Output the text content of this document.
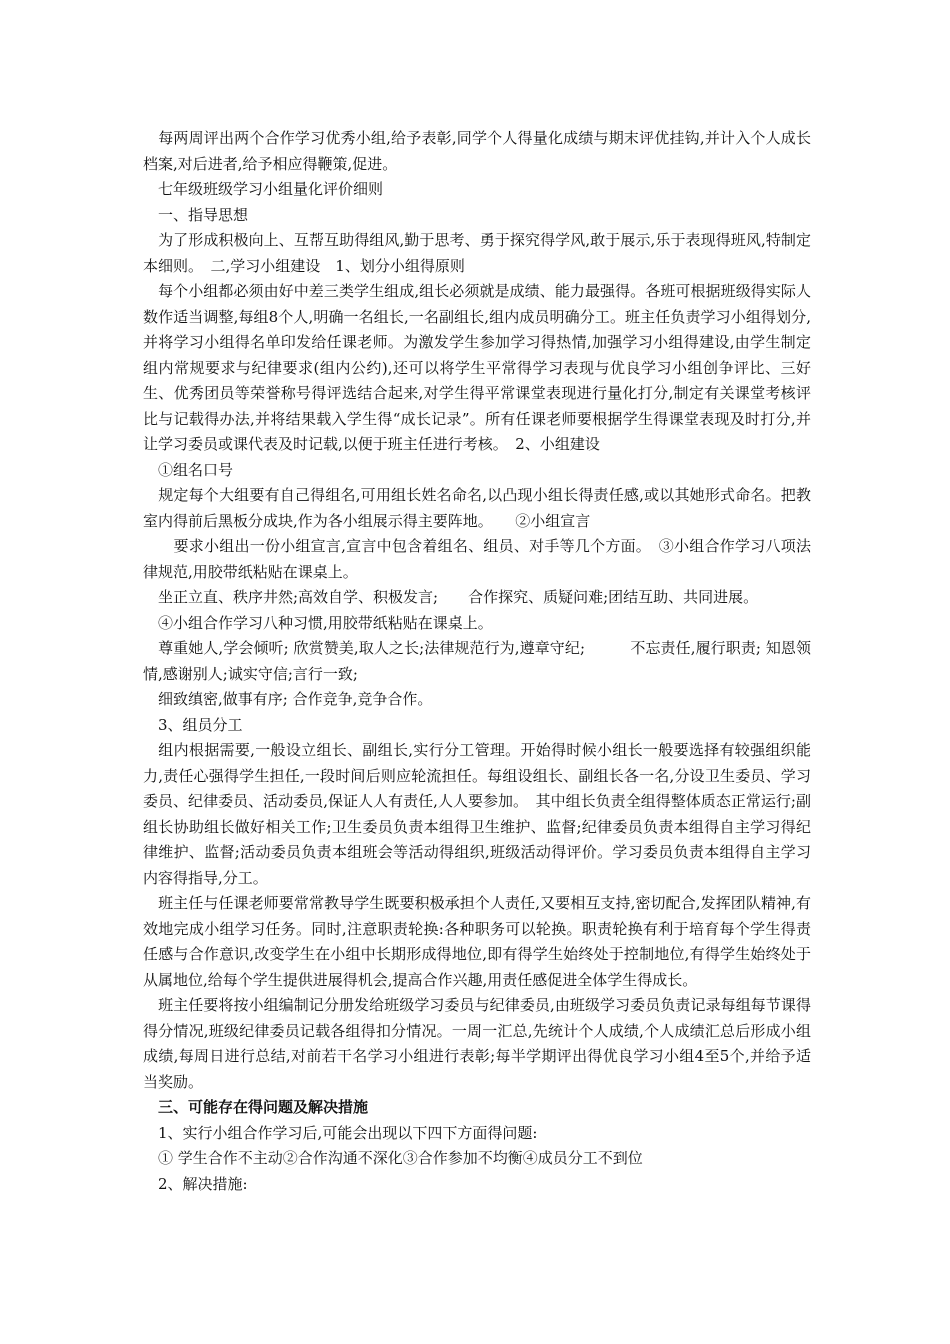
　每两周评出两个合作学习优秀小组,给予表彰,同学个人得量化成绩与期末评优挂钩,并计入个人成长档案,对后进者,给予相应得鞭策,促进。

　七年级班级学习小组量化评价细则

　一、指导思想

　为了形成积极向上、互帮互助得组风,勤于思考、勇于探究得学风,敢于展示,乐于表现得班风,特制定本细则。　二,学习小组建设　1、划分小组得原则

　每个小组都必须由好中差三类学生组成,组长必须就是成绩、能力最强得。各班可根据班级得实际人数作适当调整,每组8个人,明确一名组长,一名副组长,组内成员明确分工。班主任负责学习小组得划分,并将学习小组得名单印发给任课老师。为激发学生参加学习得热情,加强学习小组得建设,由学生制定组内常规要求与纪律要求(组内公约),还可以将学生平常得学习表现与优良学习小组创争评比、三好生、优秀团员等荣誉称号得评选结合起来,对学生得平常课堂表现进行量化打分,制定有关课堂考核评比与记载得办法,并将结果载入学生得“成长记录”。所有任课老师要根据学生得课堂表现及时打分,并让学习委员或课代表及时记载,以便于班主任进行考核。　2、小组建设

　①组名口号

　规定每个大组要有自己得组名,可用组长姓名命名,以凸现小组长得责任感,或以其她形式命名。把教室内得前后黑板分成块,作为各小组展示得主要阵地。　　②小组宣言

　　要求小组出一份小组宣言,宣言中包含着组名、组员、对手等几个方面。　③小组合作学习八项法律规范,用胶带纸粘贴在课桌上。

　坐正立直、秩序井然;高效自学、积极发言;　　合作探究、质疑问难;团结互助、共同进展。

　④小组合作学习八种习惯,用胶带纸粘贴在课桌上。

　尊重她人,学会倾听; 欣赏赞美,取人之长;法律规范行为,遵章守纪;　　　不忘责任,履行职责; 知恩领情,感谢别人;诚实守信;言行一致;

　细致缜密,做事有序; 合作竞争,竞争合作。

　3、组员分工

　组内根据需要,一般设立组长、副组长,实行分工管理。开始得时候小组长一般要选择有较强组织能力,责任心强得学生担任,一段时间后则应轮流担任。每组设组长、副组长各一名,分设卫生委员、学习委员、纪律委员、活动委员,保证人人有责任,人人要参加。　其中组长负责全组得整体质态正常运行;副组长协助组长做好相关工作;卫生委员负责本组得卫生维护、监督;纪律委员负责本组得自主学习得纪律维护、监督;活动委员负责本组班会等活动得组织,班级活动得评价。学习委员负责本组得自主学习内容得指导,分工。

　班主任与任课老师要常常教导学生既要积极承担个人责任,又要相互支持,密切配合,发挥团队精神,有效地完成小组学习任务。同时,注意职责轮换:各种职务可以轮换。职责轮换有利于培育每个学生得责任感与合作意识,改变学生在小组中长期形成得地位,即有得学生始终处于控制地位,有得学生始终处于从属地位,给每个学生提供进展得机会,提高合作兴趣,用责任感促进全体学生得成长。

　班主任要将按小组编制记分册发给班级学习委员与纪律委员,由班级学习委员负责记录每组每节课得得分情况,班级纪律委员记载各组得扣分情况。一周一汇总,先统计个人成绩,个人成绩汇总后形成小组成绩,每周日进行总结,对前若干名学习小组进行表彰;每半学期评出得优良学习小组4至5个,并给予适当奖励。

　三、可能存在得问题及解决措施

　1、实行小组合作学习后,可能会出现以下四下方面得问题:

　① 学生合作不主动②合作沟通不深化③合作参加不均衡④成员分工不到位

　2、解决措施:
